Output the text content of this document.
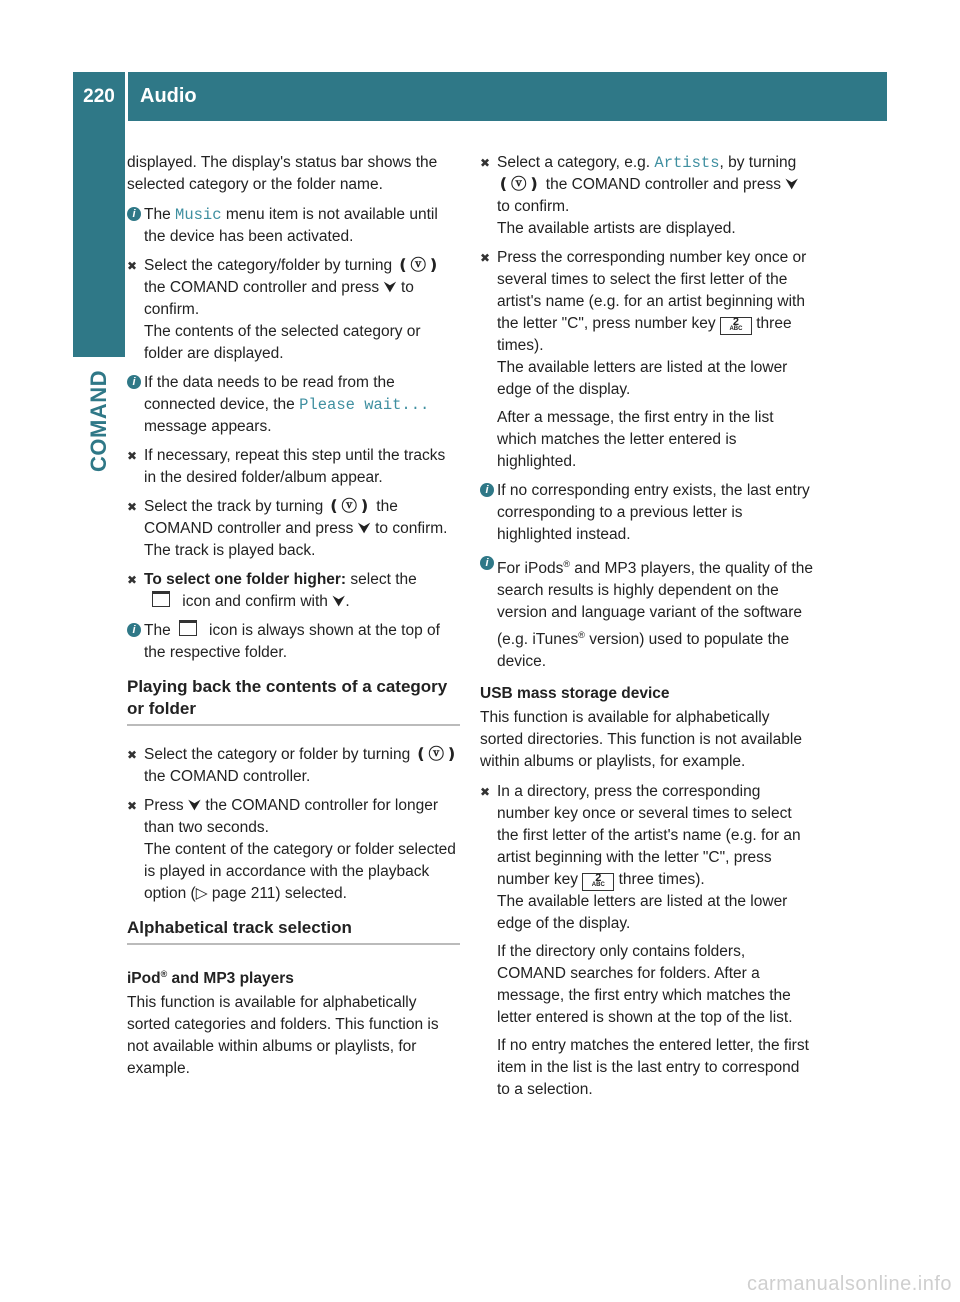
220	Audio
COMAND

displayed. The display's status bar shows the selected category or the folder name.

i The Music menu item is not available until the device has been activated.
✖ Select the category/folder by turning ❪ⓥ❫ the COMAND controller and press ⮟ to confirm.
The contents of the selected category or folder are displayed.
i If the data needs to be read from the connected device, the Please wait... message appears.
✖ If necessary, repeat this step until the tracks in the desired folder/album appear.
✖ Select the track by turning ❪ⓥ❫ the COMAND controller and press ⮟ to confirm.
The track is played back.
✖ To select one folder higher: select the
icon and confirm with ⮟.
i The icon is always shown at the top of the respective folder.
Playing back the contents of a category or folder
✖ Select the category or folder by turning ❪ⓥ❫ the COMAND controller.
✖ Press ⮟ the COMAND controller for longer than two seconds.
The content of the category or folder selected is played in accordance with the playback option (▷ page 211) selected.
Alphabetical track selection
iPod® and MP3 players

This function is available for alphabetically sorted categories and folders. This function is not available within albums or playlists, for example.

✖ Select a category, e.g. Artists, by turning ❪ⓥ❫ the COMAND controller and press ⮟ to confirm.
The available artists are displayed.
✖ Press the corresponding number key once or several times to select the first letter of the artist's name (e.g. for an artist beginning with the letter "C", press number key 2
ABC three times).
The available letters are listed at the lower edge of the display.
After a message, the first entry in the list which matches the letter entered is highlighted.
i If no corresponding entry exists, the last entry corresponding to a previous letter is highlighted instead.
i For iPods® and MP3 players, the quality of the search results is highly dependent on the version and language variant of the software (e.g. iTunes® version) used to populate the device.
USB mass storage device

This function is available for alphabetically sorted directories. This function is not available within albums or playlists, for example.

✖ In a directory, press the corresponding number key once or several times to select the first letter of the artist's name (e.g. for an artist beginning with the letter "C", press number key 2
ABC three times).
The available letters are listed at the lower edge of the display.
If the directory only contains folders, COMAND searches for folders. After a message, the first entry which matches the letter entered is shown at the top of the list.
If no entry matches the entered letter, the first item in the list is the last entry to correspond to a selection.
carmanualsonline.info
